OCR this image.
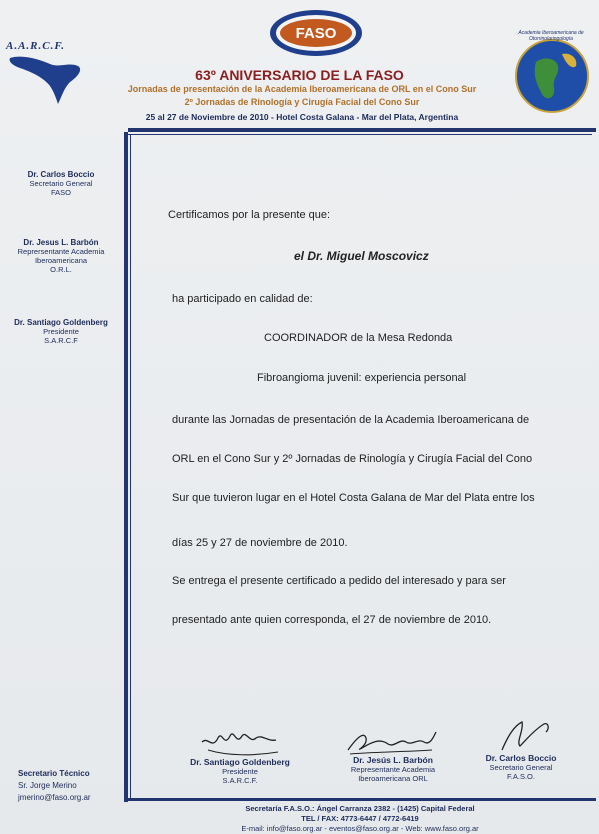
FASO
A.A.R.C.F.
Academia Iberoamericana de Otorrinolaringología
63º ANIVERSARIO DE LA FASO
Jornadas de presentación de la Academia Iberoamericana de ORL en el Cono Sur
2º Jornadas de Rinología y Cirugía Facial del Cono Sur
25 al 27 de Noviembre de 2010 - Hotel Costa Galana - Mar del Plata, Argentina
Dr. Carlos Boccio
Secretario General
FASO
Dr. Jesus L. Barbón
Reprersentante Academia Iberoamericana
O.R.L.
Dr. Santiago Goldenberg
Presidente
S.A.R.C.F
Secretario Técnico
Sr. Jorge Merino
jmerino@faso.org.ar
Certificamos por la presente que:
el Dr. Miguel Moscovicz
ha participado en calidad de:
COORDINADOR de la Mesa Redonda
Fibroangioma juvenil: experiencia personal
durante las Jornadas de presentación de la Academia Iberoamericana de
ORL en el Cono Sur y 2º Jornadas de Rinología y Cirugía Facial del Cono
Sur que tuvieron lugar en el Hotel Costa Galana de Mar del Plata entre los
días 25 y 27 de noviembre de 2010.
Se entrega el presente certificado a pedido del interesado y para ser
presentado ante quien corresponda, el 27 de noviembre de 2010.
Dr. Santiago Goldenberg
Presidente
S.A.R.C.F.
Dr. Jesús L. Barbón
Representante Academia
Iberoamericana ORL
Dr. Carlos Boccio
Secretario General
F.A.S.O.
Secretaría F.A.S.O.: Ángel Carranza 2382 - (1425) Capital Federal
TEL / FAX: 4773-6447 / 4772-6419
E-mail: info@faso.org.ar - eventos@faso.org.ar - Web: www.faso.org.ar
